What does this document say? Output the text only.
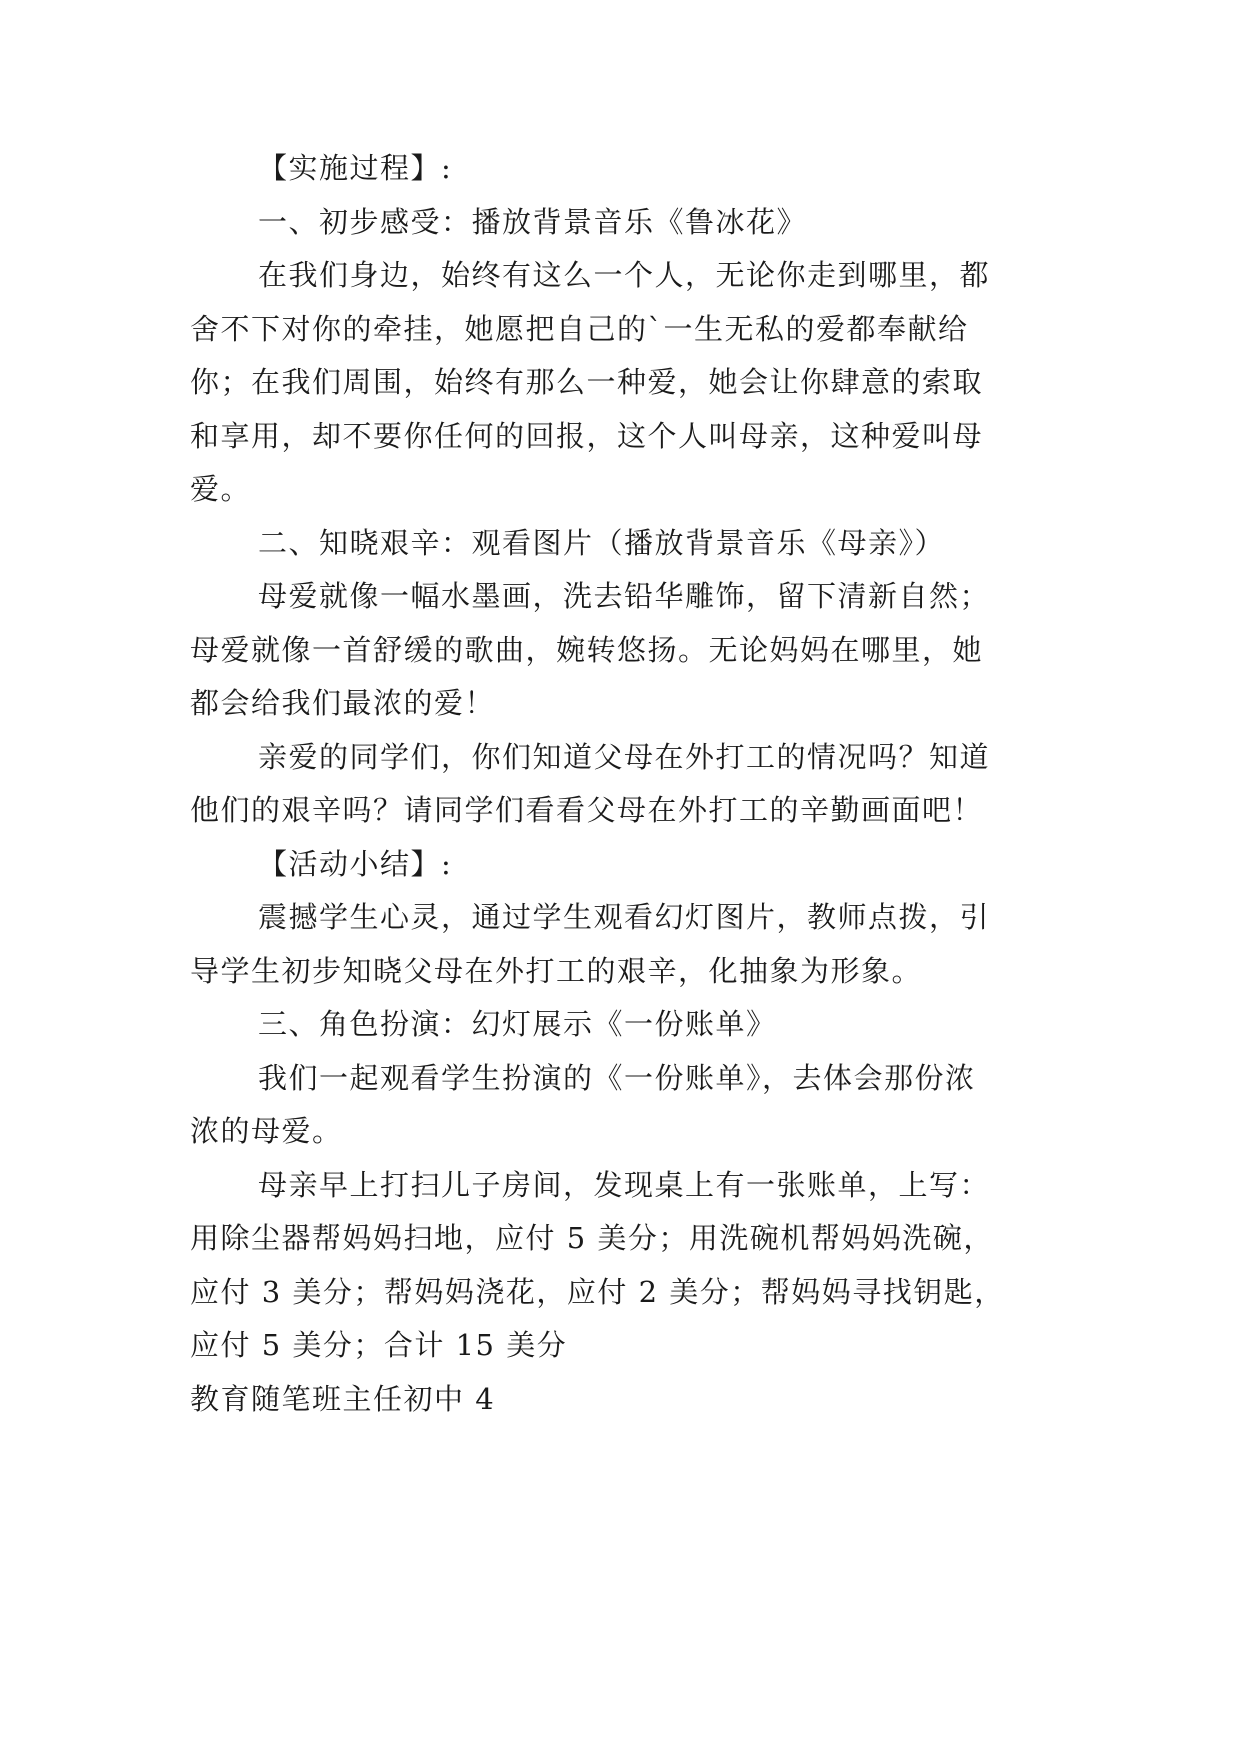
【实施过程】:
一、初步感受：播放背景音乐《鲁冰花》
在我们身边，始终有这么一个人，无论你走到哪里，都
舍不下对你的牵挂，她愿把自己的`一生无私的爱都奉献给
你；在我们周围，始终有那么一种爱，她会让你肆意的索取
和享用，却不要你任何的回报，这个人叫母亲，这种爱叫母
爱。
二、知晓艰辛：观看图片（播放背景音乐《母亲》）
母爱就像一幅水墨画，洗去铅华雕饰，留下清新自然；
母爱就像一首舒缓的歌曲，婉转悠扬。无论妈妈在哪里，她
都会给我们最浓的爱！
亲爱的同学们，你们知道父母在外打工的情况吗？知道
他们的艰辛吗？请同学们看看父母在外打工的辛勤画面吧！
【活动小结】:
震撼学生心灵，通过学生观看幻灯图片，教师点拨，引
导学生初步知晓父母在外打工的艰辛，化抽象为形象。
三、角色扮演：幻灯展示《一份账单》
我们一起观看学生扮演的《一份账单》，去体会那份浓
浓的母爱。
母亲早上打扫儿子房间，发现桌上有一张账单，上写：
用除尘器帮妈妈扫地，应付 5 美分；用洗碗机帮妈妈洗碗，
应付 3 美分；帮妈妈浇花，应付 2 美分；帮妈妈寻找钥匙，
应付 5 美分；合计 15 美分
教育随笔班主任初中 4
